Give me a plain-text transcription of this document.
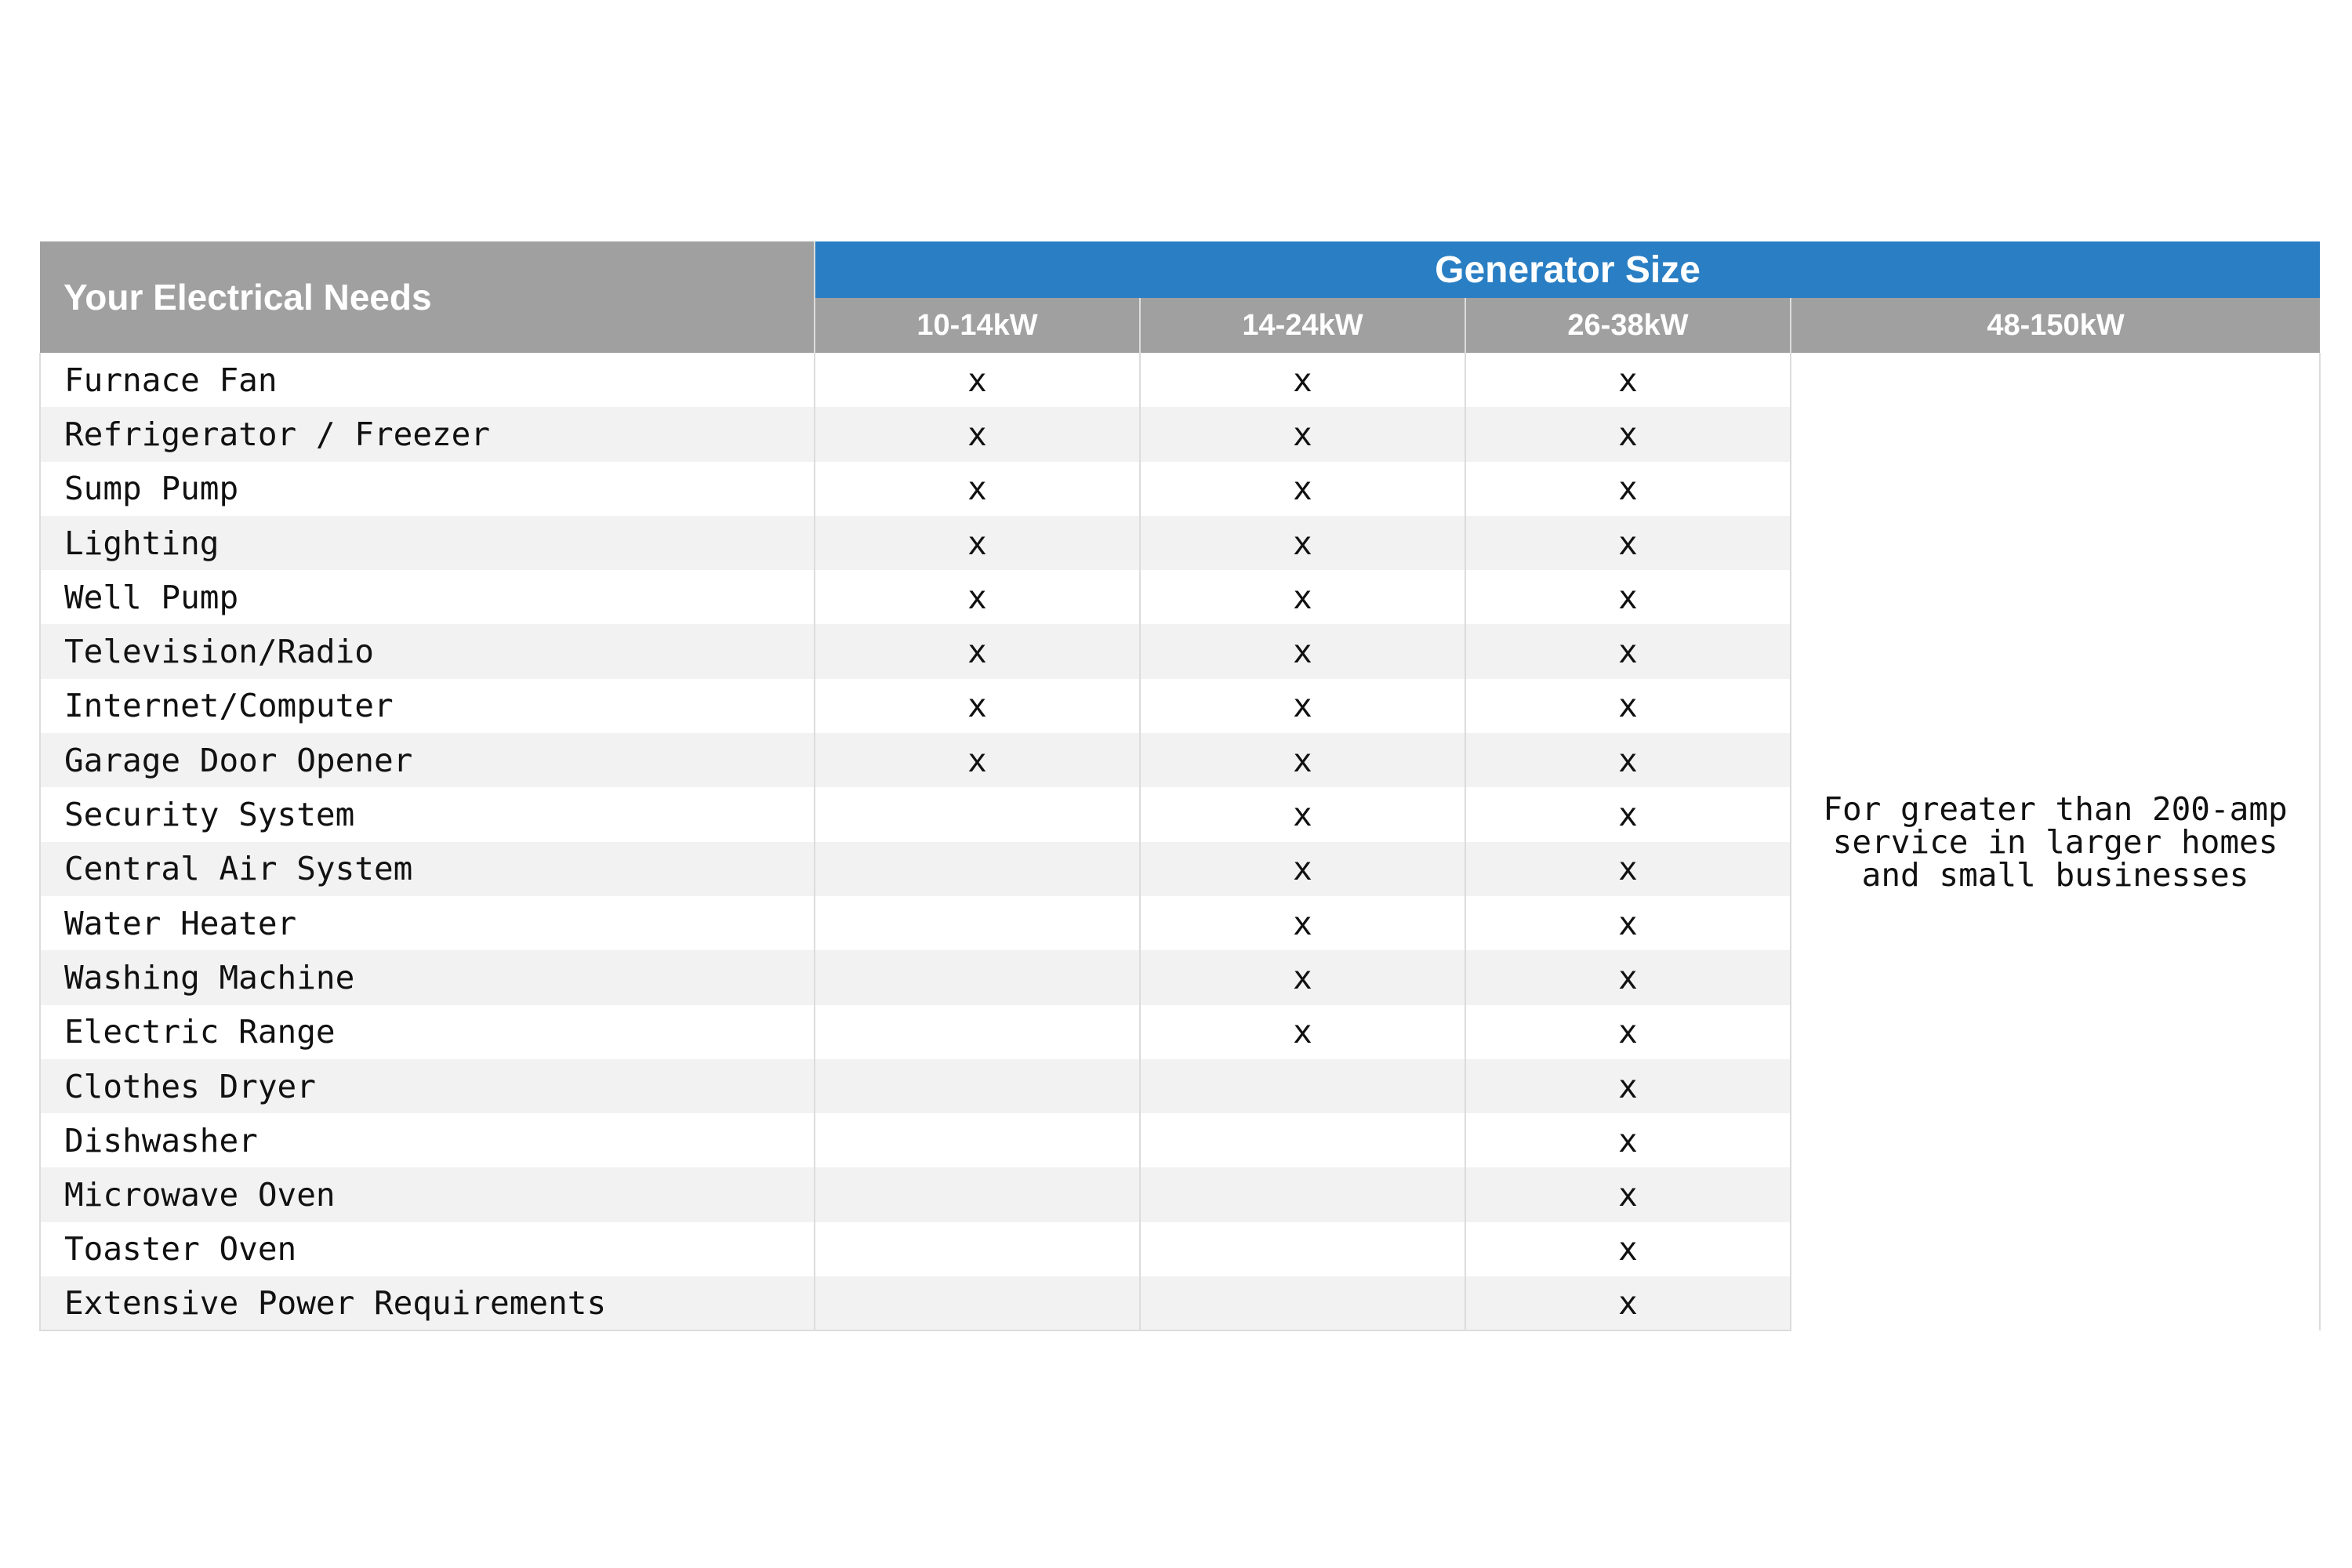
Your Electrical Needs	Generator Size			
	10-14kW	14-24kW	26-38kW	48-150kW
Furnace Fan	x	x	x	For greater than 200-amp service in larger homes and small businesses
Refrigerator / Freezer	x	x	x	
Sump Pump	x	x	x	
Lighting	x	x	x	
Well Pump	x	x	x	
Television/Radio	x	x	x	
Internet/Computer	x	x	x	
Garage Door Opener	x	x	x	
Security System		x	x	
Central Air System		x	x	
Water Heater		x	x	
Washing Machine		x	x	
Electric Range		x	x	
Clothes Dryer			x	
Dishwasher			x	
Microwave Oven			x	
Toaster Oven			x	
Extensive Power Requirements			x	
